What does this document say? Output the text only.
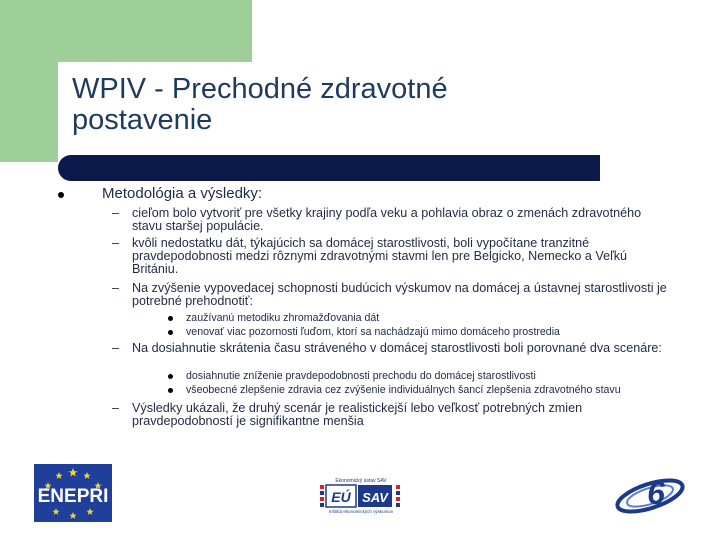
WPIV - Prechodné zdravotné
postavenie
Metodológia a výsledky:
– cieľom bolo vytvoriť pre všetky krajiny podľa veku a pohlavia obraz o zmenách zdravotného stavu staršej populácie.
– kvôli nedostatku dát, týkajúcich sa domácej starostlivosti, boli vypočítane tranzitné pravdepodobnosti medzi rôznymi zdravotnými stavmi len pre Belgicko, Nemecko a Veľkú Britániu.
– Na zvýšenie vypovedacej schopnosti budúcich výskumov na domácej a ústavnej starostlivosti je potrebné prehodnotiť:
zaužívanú metodiku zhromažďovania dát
venovať viac pozornosti ľuďom, ktorí sa nachádzajú mimo domáceho prostredia
– Na dosiahnutie skrátenia času stráveného v domácej starostlivosti boli porovnané dva scenáre:
dosiahnutie zníženie pravdepodobnosti prechodu do domácej starostlivosti
všeobecné zlepšenie zdravia cez zvýšenie individuálnych šancí zlepšenia zdravotného stavu
– Výsledky ukázali, že druhý scenár je realistickejší lebo veľkosť potrebných zmien pravdepodobností je signifikantne menšia
ENEPRI
Ekonomický ústav SAV
EÚ SAV
Inštitút ekonomických výskumov
6
